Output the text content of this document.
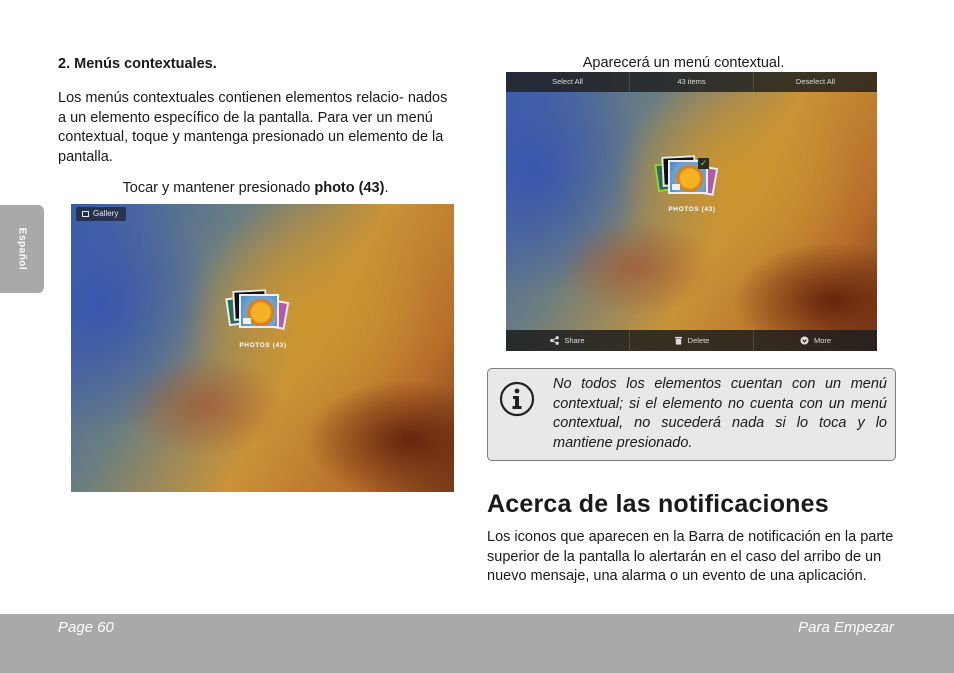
Español
2. Menús contextuales.

Los menús contextuales contienen elementos relacio- nados a un elemento específico de la pantalla. Para ver un menú contextual, toque y mantenga presionado un elemento de la pantalla.

Tocar y mantener presionado photo (43).
Gallery
PHOTOS (43)
Aparecerá un menú contextual.
Select All	43 items	Deselect All
✓
PHOTOS (43)
Share	Delete	More

No todos los elementos cuentan con un menú contextual; si el elemento no cuenta con un menú contextual, no sucederá nada si lo toca y lo mantiene presionado.

Acerca de las notificaciones

Los iconos que aparecen en la Barra de notificación en la parte superior de la pantalla lo alertarán en el caso del arribo de un nuevo mensaje, una alarma o un evento de una aplicación.

Page 60	Para Empezar
